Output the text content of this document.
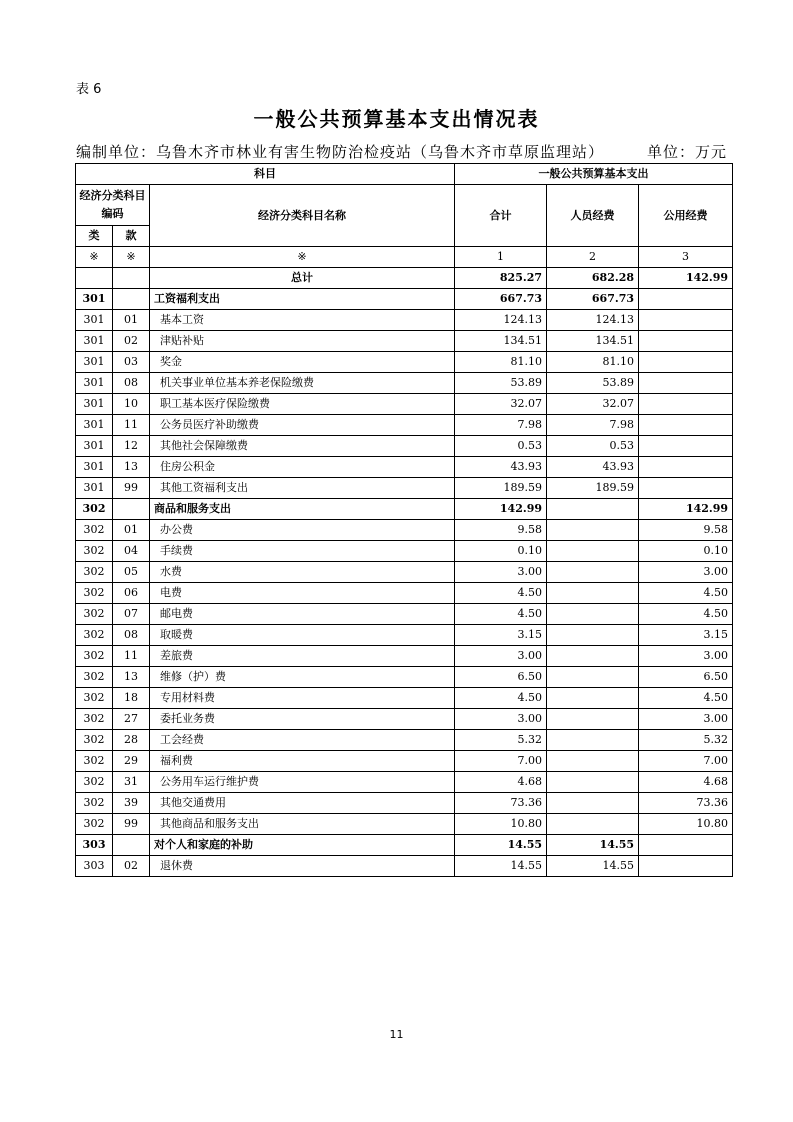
表 6
一般公共预算基本支出情况表
编制单位：乌鲁木齐市林业有害生物防治检疫站（乌鲁木齐市草原监理站）	单位：万元
科目			一般公共预算基本支出		
经济分类科目编码		经济分类科目名称	合计	人员经费	公用经费
类	款				
※	※	※	1	2	3
		总计	825.27	682.28	142.99
301		工资福利支出	667.73	667.73	
301	01	基本工资	124.13	124.13	
301	02	津贴补贴	134.51	134.51	
301	03	奖金	81.10	81.10	
301	08	机关事业单位基本养老保险缴费	53.89	53.89	
301	10	职工基本医疗保险缴费	32.07	32.07	
301	11	公务员医疗补助缴费	7.98	7.98	
301	12	其他社会保障缴费	0.53	0.53	
301	13	住房公积金	43.93	43.93	
301	99	其他工资福利支出	189.59	189.59	
302		商品和服务支出	142.99		142.99
302	01	办公费	9.58		9.58
302	04	手续费	0.10		0.10
302	05	水费	3.00		3.00
302	06	电费	4.50		4.50
302	07	邮电费	4.50		4.50
302	08	取暖费	3.15		3.15
302	11	差旅费	3.00		3.00
302	13	维修（护）费	6.50		6.50
302	18	专用材料费	4.50		4.50
302	27	委托业务费	3.00		3.00
302	28	工会经费	5.32		5.32
302	29	福利费	7.00		7.00
302	31	公务用车运行维护费	4.68		4.68
302	39	其他交通费用	73.36		73.36
302	99	其他商品和服务支出	10.80		10.80
303		对个人和家庭的补助	14.55	14.55	
303	02	退休费	14.55	14.55	
11
